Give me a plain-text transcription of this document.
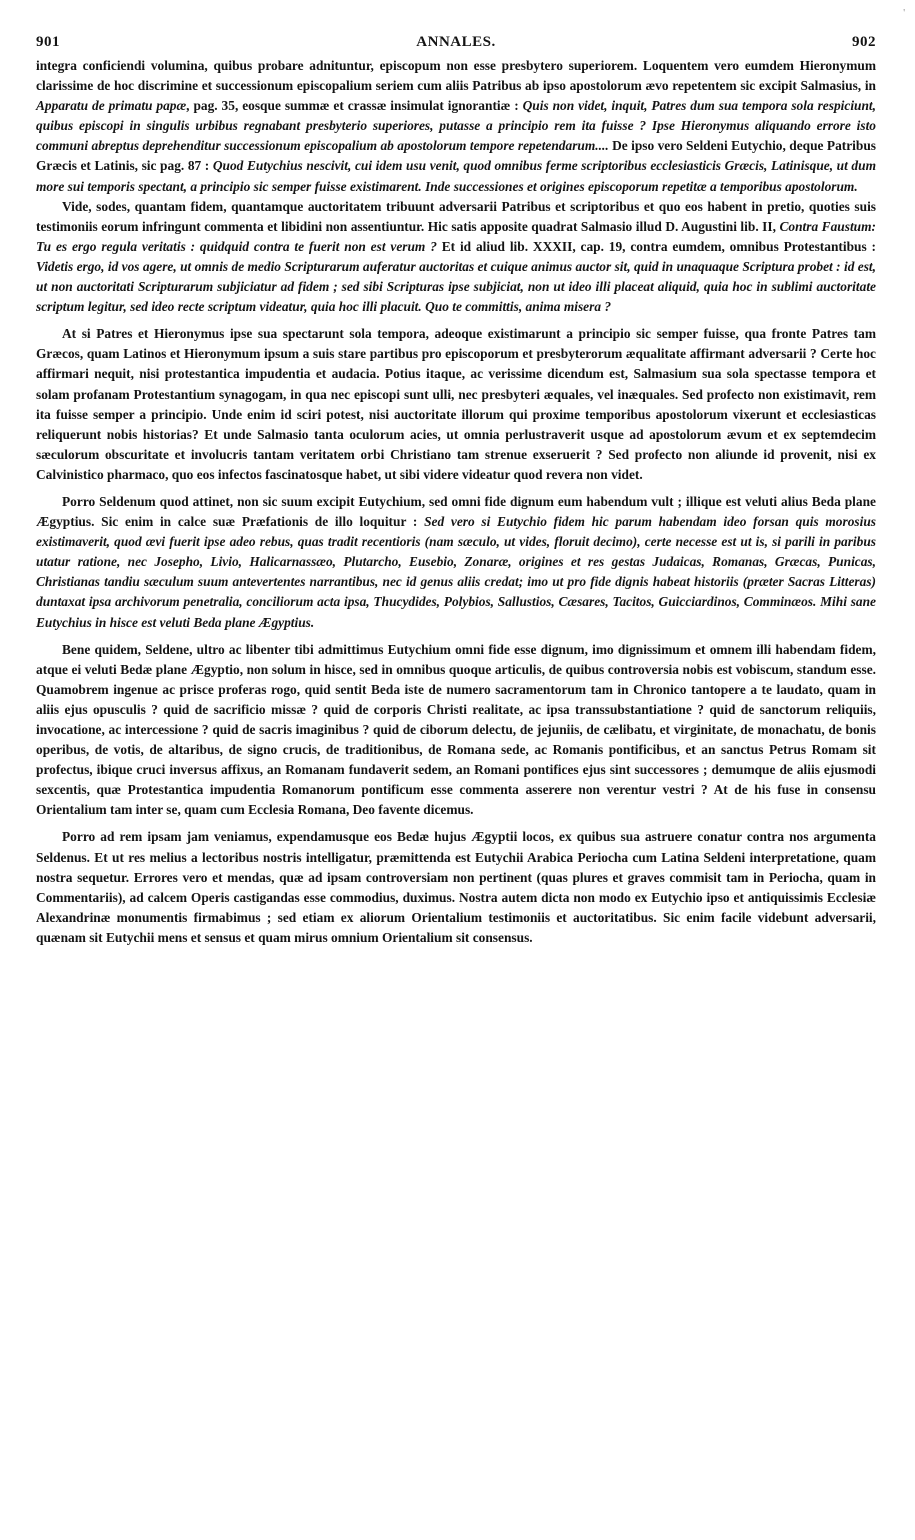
901	ANNALES.	902

integra conficiendi volumina, quibus probare adnituntur, episcopum non esse presbytero superiorem. Loquentem vero eumdem Hieronymum clarissime de hoc discrimine et successionum episcopalium seriem cum aliis Patribus ab ipso apostolorum ævo repetentem sic excipit Salmasius, in Apparatu de primatu papæ, pag. 35, eosque summæ et crassæ insimulat ignorantiæ : Quis non videt, inquit, Patres dum sua tempora sola respiciunt, quibus episcopi in singulis urbibus regnabant presbyterio superiores, putasse a principio rem ita fuisse ? Ipse Hieronymus aliquando errore isto communi abreptus deprehenditur successionum episcopalium ab apostolorum tempore repetendarum.... De ipso vero Seldeni Eutychio, deque Patribus Græcis et Latinis, sic pag. 87 : Quod Eutychius nescivit, cui idem usu venit, quod omnibus ferme scriptoribus ecclesiasticis Græcis, Latinisque, ut dum more sui temporis spectant, a principio sic semper fuisse existimarent. Inde successiones et origines episcoporum repetitæ a temporibus apostolorum.

Vide, sodes, quantam fidem, quantamque auctoritatem tribuunt adversarii Patribus et scriptoribus et quo eos habent in pretio, quoties suis testimoniis eorum infringunt commenta et libidini non assentiuntur. Hic satis apposite quadrat Salmasio illud D. Augustini lib. II, Contra Faustum: Tu es ergo regula veritatis : quidquid contra te fuerit non est verum ? Et id aliud lib. XXXII, cap. 19, contra eumdem, omnibus Protestantibus : Videtis ergo, id vos agere, ut omnis de medio Scripturarum auferatur auctoritas et cuique animus auctor sit, quid in unaquaque Scriptura probet : id est, ut non auctoritati Scripturarum subjiciatur ad fidem ; sed sibi Scripturas ipse subjiciat, non ut ideo illi placeat aliquid, quia hoc in sublimi auctoritate scriptum legitur, sed ideo recte scriptum videatur, quia hoc illi placuit. Quo te committis, anima misera ?

At si Patres et Hieronymus ipse sua spectarunt sola tempora, adeoque existimarunt a principio sic semper fuisse, qua fronte Patres tam Græcos, quam Latinos et Hieronymum ipsum a suis stare partibus pro episcoporum et presbyterorum æqualitate affirmant adversarii ? Certe hoc affirmari nequit, nisi protestantica impudentia et audacia. Potius itaque, ac verissime dicendum est, Salmasium sua sola spectasse tempora et solam profanam Protestantium synagogam, in qua nec episcopi sunt ulli, nec presbyteri æquales, vel inæquales. Sed profecto non existimavit, rem ita fuisse semper a principio. Unde enim id sciri potest, nisi auctoritate illorum qui proxime temporibus apostolorum vixerunt et ecclesiasticas reliquerunt nobis historias? Et unde Salmasio tanta oculorum acies, ut omnia perlustraverit usque ad apostolorum ævum et ex septemdecim sæculorum obscuritate et involucris tantam veritatem orbi Christiano tam strenue exseruerit ? Sed profecto non aliunde id provenit, nisi ex Calvinistico pharmaco, quo eos infectos fascinatosque habet, ut sibi videre videatur quod revera non videt.

Porro Seldenum quod attinet, non sic suum excipit Eutychium, sed omni fide dignum eum habendum vult ; illique est veluti alius Beda plane Ægyptius. Sic enim in calce suæ Præfationis de illo loquitur : Sed vero si Eutychio fidem hic parum habendam ideo forsan quis morosius existimaverit, quod ævi fuerit ipse adeo rebus, quas tradit recentioris (nam sæculo, ut vides, floruit decimo), certe necesse est ut is, si parili in paribus utatur ratione, nec Josepho, Livio, Halicarnassæo, Plutarcho, Eusebio, Zonaræ, origines et res gestas Judaicas, Romanas, Græcas, Punicas, Christianas tandiu sæculum suum antevertentes narrantibus, nec id genus aliis credat; imo ut pro fide dignis habeat historiis (præter Sacras Litteras) duntaxat ipsa archivorum penetralia, conciliorum acta ipsa, Thucydides, Polybios, Sallustios, Cæsares, Tacitos, Guicciardinos, Comminæos. Mihi sane Eutychius in hisce est veluti Beda plane Ægyptius.

Bene quidem, Seldene, ultro ac libenter tibi admittimus Eutychium omni fide esse dignum, imo dignissimum et omnem illi habendam fidem, atque ei veluti Bedæ plane Ægyptio, non solum in hisce, sed in omnibus quoque articulis, de quibus controversia nobis est vobiscum, standum esse. Quamobrem ingenue ac prisce proferas rogo, quid sentit Beda iste de numero sacramentorum tam in Chronico tantopere a te laudato, quam in aliis ejus opusculis ? quid de sacrificio missæ ? quid de corporis Christi realitate, ac ipsa transsubstantiatione ? quid de sanctorum reliquiis, invocatione, ac intercessione ? quid de sacris imaginibus ? quid de ciborum delectu, de jejuniis, de cælibatu, et virginitate, de monachatu, de bonis operibus, de votis, de altaribus, de signo crucis, de traditionibus, de Romana sede, ac Romanis pontificibus, et an sanctus Petrus Romam sit profectus, ibique cruci inversus affixus, an Romanam fundaverit sedem, an Romani pontifices ejus sint successores ; demumque de aliis ejusmodi sexcentis, quæ Protestantica impudentia Romanorum pontificum esse commenta asserere non verentur vestri ? At de his fuse in consensu Orientalium tam inter se, quam cum Ecclesia Romana, Deo favente dicemus.

Porro ad rem ipsam jam veniamus, expendamusque eos Bedæ hujus Ægyptii locos, ex quibus sua astruere conatur contra nos argumenta Seldenus. Et ut res melius a lectoribus nostris intelligatur, præmittenda est Eutychii Arabica Periocha cum Latina Seldeni interpretatione, quam nostra sequetur. Errores vero et mendas, quæ ad ipsam controversiam non pertinent (quas plures et graves commisit tam in Periocha, quam in Commentariis), ad calcem Operis castigandas esse commodius, duximus. Nostra autem dicta non modo ex Eutychio ipso et antiquissimis Ecclesiæ Alexandrinæ monumentis firmabimus ; sed etiam ex aliorum Orientalium testimoniis et auctoritatibus. Sic enim facile videbunt adversarii, quænam sit Eutychii mens et sensus et quam mirus omnium Orientalium sit consensus.

'
